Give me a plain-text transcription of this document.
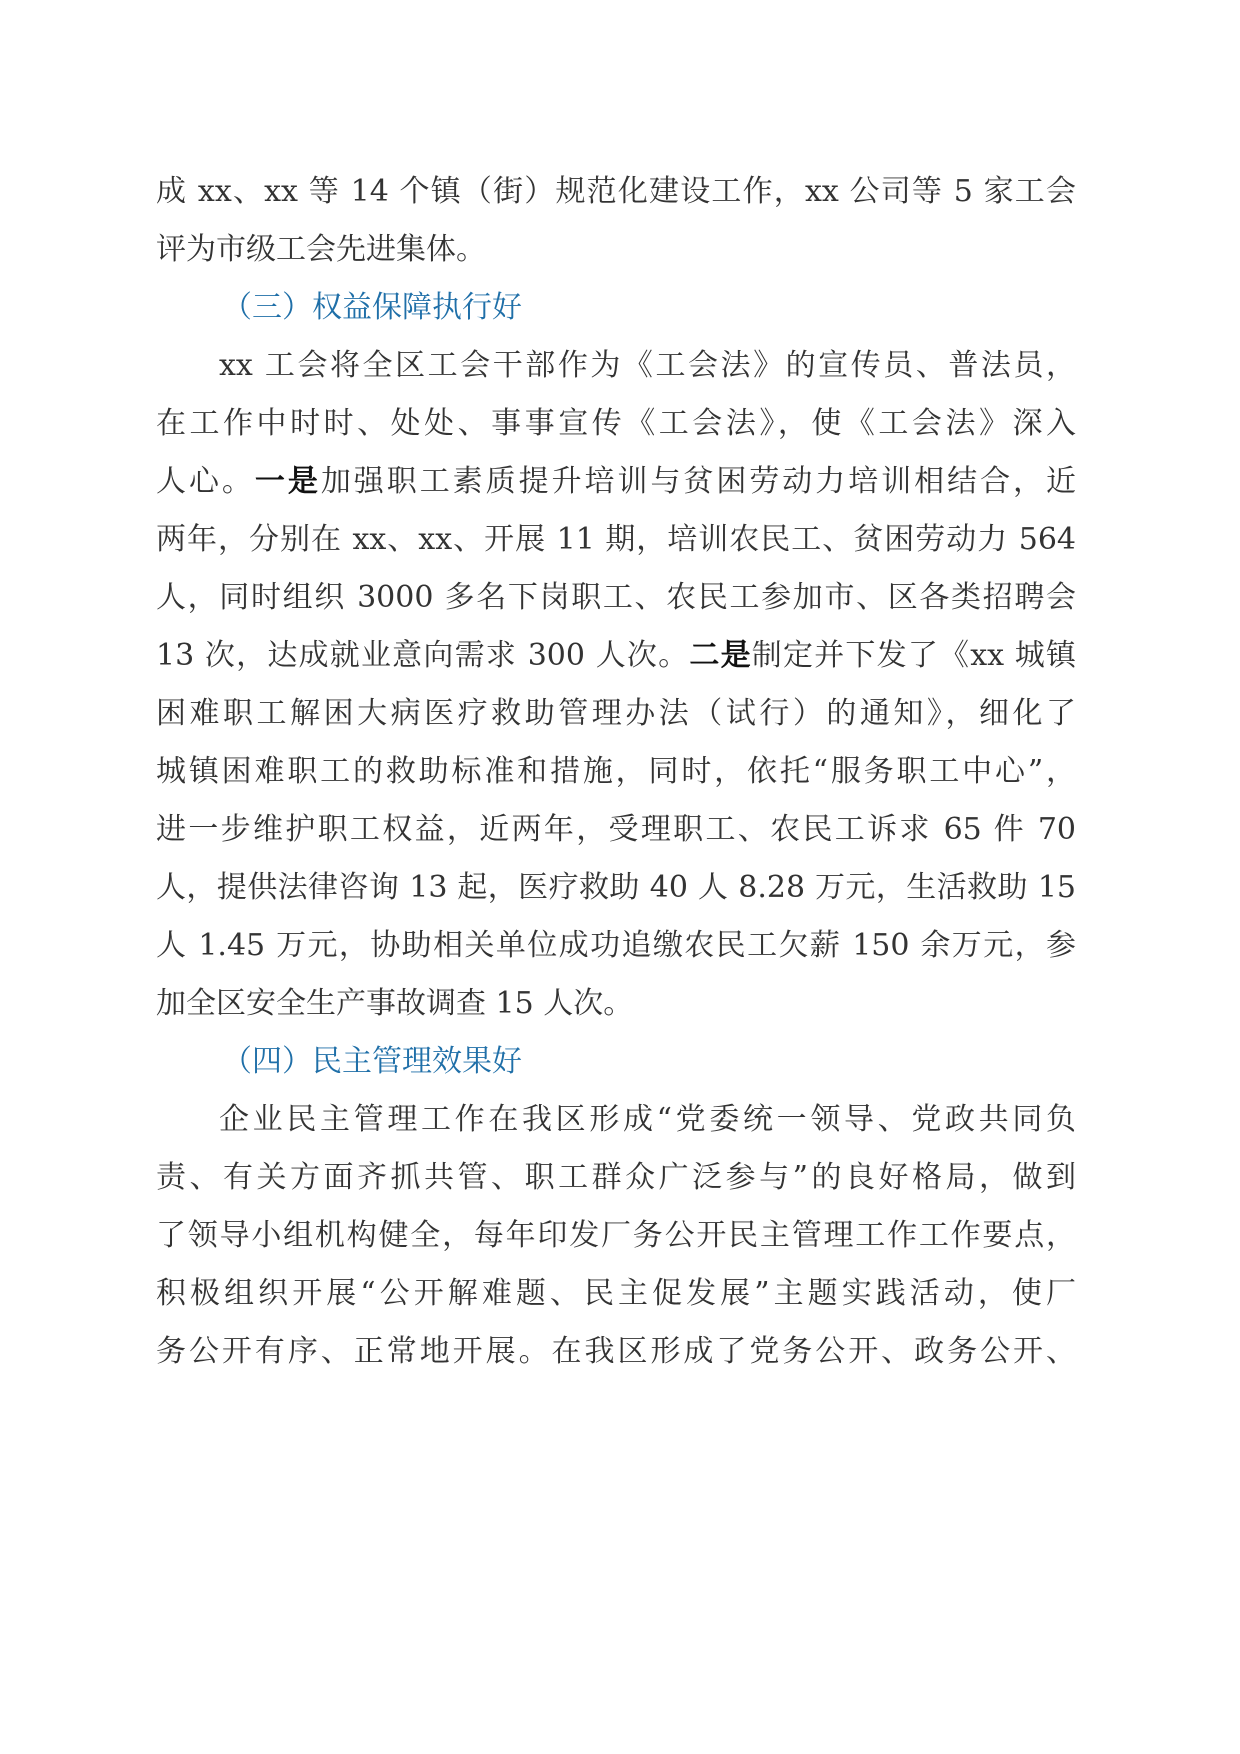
成 xx、xx 等 14 个镇（街）规范化建设工作，xx 公司等 5 家工会
评为市级工会先进集体。
（三）权益保障执行好
xx 工会将全区工会干部作为《工会法》的宣传员、普法员，
在工作中时时、处处、事事宣传《工会法》，使《工会法》深入
人心。一是加强职工素质提升培训与贫困劳动力培训相结合，近
两年，分别在 xx、xx、开展 11 期，培训农民工、贫困劳动力 564
人，同时组织 3000 多名下岗职工、农民工参加市、区各类招聘会
13 次，达成就业意向需求 300 人次。二是制定并下发了《xx 城镇
困难职工解困大病医疗救助管理办法（试行）的通知》，细化了
城镇困难职工的救助标准和措施，同时，依托“服务职工中心”，
进一步维护职工权益，近两年，受理职工、农民工诉求 65 件 70
人，提供法律咨询 13 起，医疗救助 40 人 8.28 万元，生活救助 15
人 1.45 万元，协助相关单位成功追缴农民工欠薪 150 余万元，参
加全区安全生产事故调查 15 人次。
（四）民主管理效果好
企业民主管理工作在我区形成“党委统一领导、党政共同负
责、有关方面齐抓共管、职工群众广泛参与”的良好格局，做到
了领导小组机构健全，每年印发厂务公开民主管理工作工作要点，
积极组织开展“公开解难题、民主促发展”主题实践活动，使厂
务公开有序、正常地开展。在我区形成了党务公开、政务公开、
